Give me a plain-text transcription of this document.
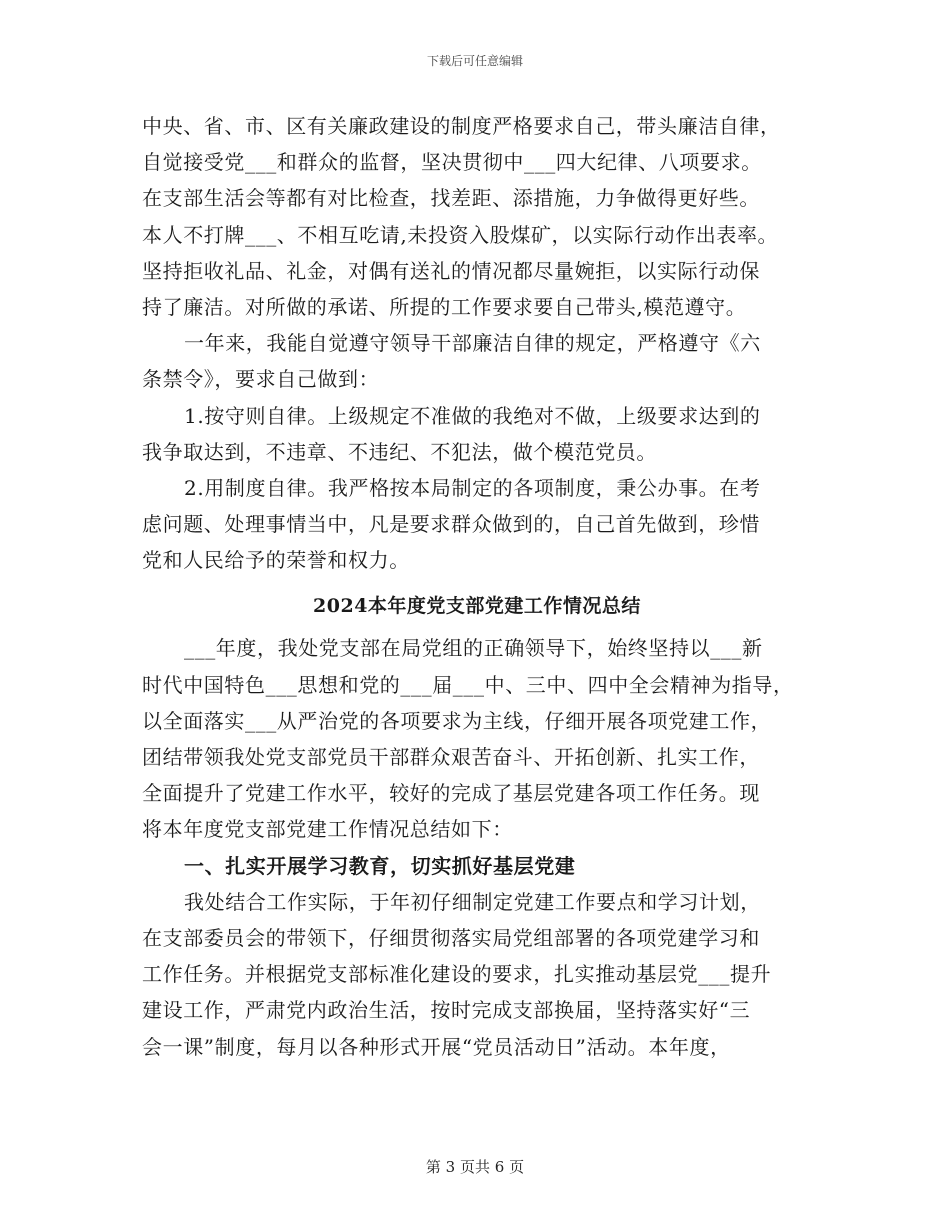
下载后可任意编辑
中央、省、市、区有关廉政建设的制度严格要求自己，带头廉洁自律，
自觉接受党___和群众的监督，坚决贯彻中___四大纪律、八项要求。
在支部生活会等都有对比检查，找差距、添措施，力争做得更好些。
本人不打牌___、不相互吃请,未投资入股煤矿，以实际行动作出表率。
坚持拒收礼品、礼金，对偶有送礼的情况都尽量婉拒，以实际行动保
持了廉洁。对所做的承诺、所提的工作要求要自己带头,模范遵守。
一年来，我能自觉遵守领导干部廉洁自律的规定，严格遵守《六
条禁令》，要求自己做到：
1.按守则自律。上级规定不准做的我绝对不做，上级要求达到的
我争取达到，不违章、不违纪、不犯法，做个模范党员。
2.用制度自律。我严格按本局制定的各项制度，秉公办事。在考
虑问题、处理事情当中，凡是要求群众做到的，自己首先做到，珍惜
党和人民给予的荣誉和权力。
2024本年度党支部党建工作情况总结
___年度，我处党支部在局党组的正确领导下，始终坚持以___新
时代中国特色___思想和党的___届___中、三中、四中全会精神为指导，
以全面落实___从严治党的各项要求为主线，仔细开展各项党建工作，
团结带领我处党支部党员干部群众艰苦奋斗、开拓创新、扎实工作，
全面提升了党建工作水平，较好的完成了基层党建各项工作任务。现
将本年度党支部党建工作情况总结如下：
一、扎实开展学习教育，切实抓好基层党建
我处结合工作实际，于年初仔细制定党建工作要点和学习计划，
在支部委员会的带领下，仔细贯彻落实局党组部署的各项党建学习和
工作任务。并根据党支部标准化建设的要求，扎实推动基层党___提升
建设工作，严肃党内政治生活，按时完成支部换届，坚持落实好“三
会一课”制度，每月以各种形式开展“党员活动日”活动。本年度，
第 3 页共 6 页
